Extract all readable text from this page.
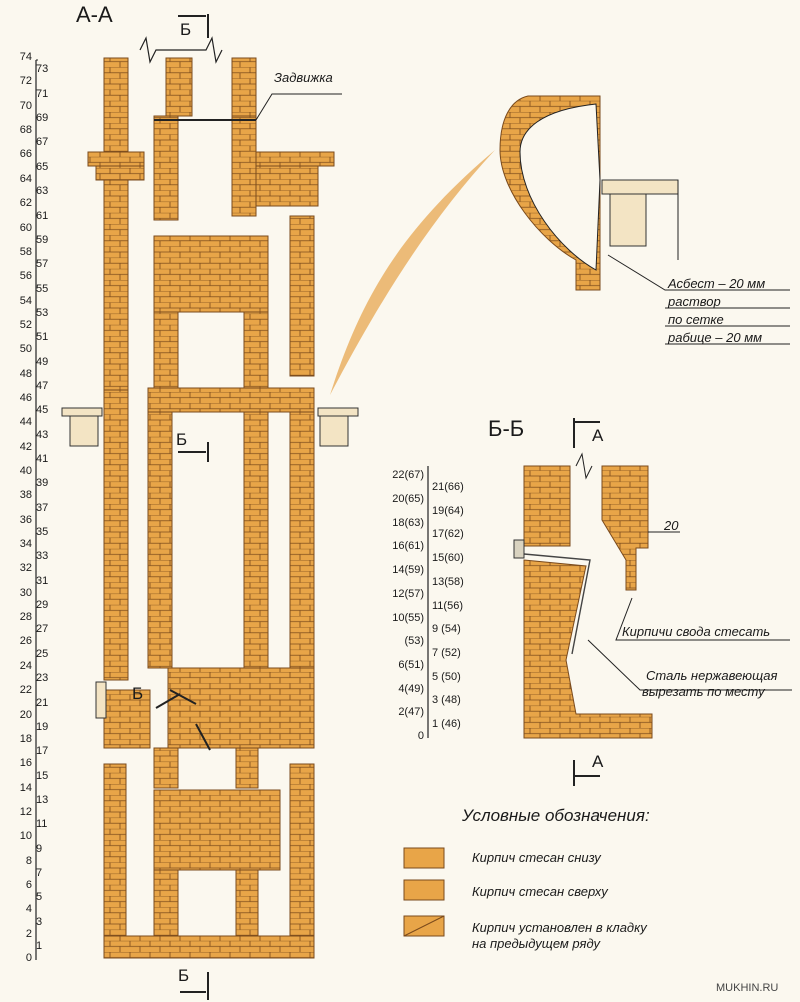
А-А
0
2
4
6
8
10
12
14
16
18
20
22
24
26
28
30
32
34
36
38
40
42
44
46
48
50
52
54
56
58
60
62
64
66
68
70
72
74
1
3
5
7
9
11
13
15
17
19
21
23
25
27
29
31
33
35
37
39
41
43
45
47
49
51
53
55
57
59
61
63
65
67
69
71
73
Б
Задвижка
Б
Б
Б
Асбест – 20 мм
раствор
по сетке
рабице – 20 мм
Б-Б	А
А
20
Кирпичи свода стесать
Сталь нержавеющая
вырезать по месту
0
2(47)
4(49)
6(51)
(53)
10(55)
12(57)
14(59)
16(61)
18(63)
20(65)
22(67)
1 (46)
3 (48)
5 (50)
7 (52)
9 (54)
11(56)
13(58)
15(60)
17(62)
19(64)
21(66)
Условные обозначения:
Кирпич стесан снизу
Кирпич стесан сверху
Кирпич установлен в кладку
на предыдущем ряду
MUKHIN.RU
